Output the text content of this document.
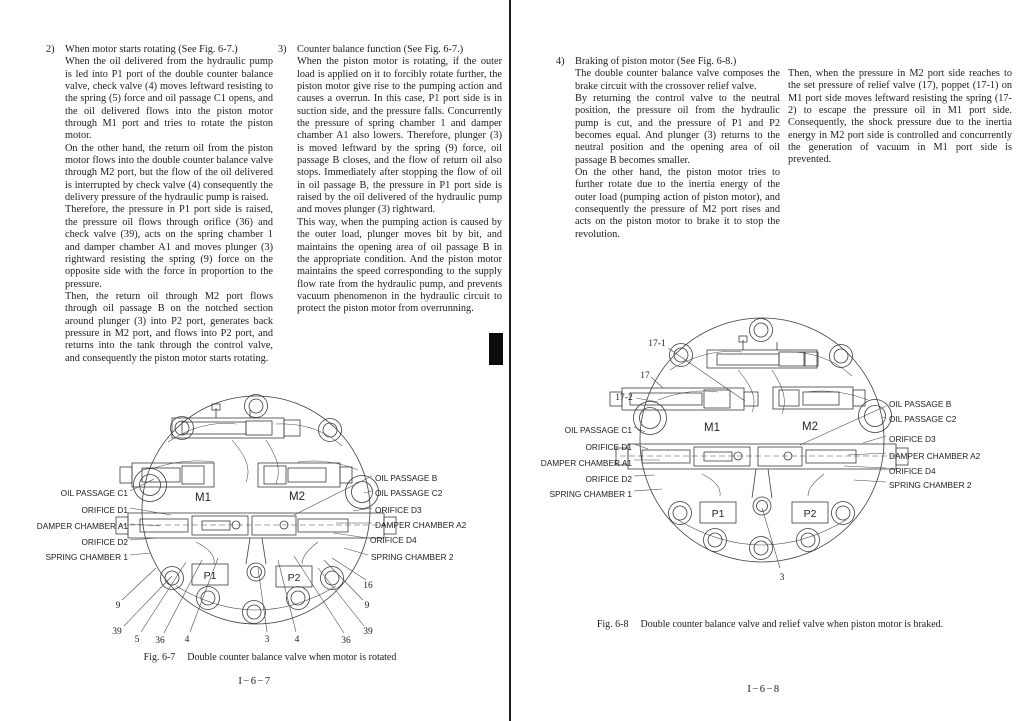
2)	When motor starts rotating (See Fig. 6-7.)

When the oil delivered from the hydraulic pump is led into P1 port of the double counter balance valve, check valve (4) moves leftward resisting to the spring (5) force and oil passage C1 opens, and the oil delivered flows into the piston motor through M1 port and tries to rotate the piston motor.

On the other hand, the return oil from the piston motor flows into the double counter balance valve through M2 port, but the flow of the oil delivered is interrupted by check valve (4) consequently the delivery pressure of the hydraulic pump is raised.

Therefore, the pressure in P1 port side is raised, the pressure oil flows through orifice (36) and check valve (39), acts on the spring chamber 1 and damper chamber A1 and moves plunger (3) rightward resisting the spring (9) force on the opposite side with the force in proportion to the pressure.

Then, the return oil through M2 port flows through oil passage B on the notched section around plunger (3) into P2 port, generates back pressure in M2 port, and flows into P2 port, and returns into the tank through the control valve, and consequently the piston motor starts rotating.

3)	Counter balance function (See Fig. 6-7.)

When the piston motor is rotating, if the outer load is applied on it to forcibly rotate further, the piston motor give rise to the pumping action and causes a overrun. In this case, P1 port side is in suction side, and the pressure falls. Concurrently the pressure of spring chamber 1 and damper chamber A1 also lowers. Therefore, plunger (3) is moved leftward by the spring (9) force, oil passage B closes, and the flow of return oil also stops. Immediately after stopping the flow of oil in oil passage B, the pressure in P1 port side is raised by the oil delivered of the hydraulic pump and moves plunger (3) rightward.

This way, when the pumping action is caused by the outer load, plunger moves bit by bit, and maintains the opening area of oil passage B in the appropriate condition. And the piston motor maintains the speed corresponding to the supply flow rate from the hydraulic pump, and prevents vacuum phenomenon in the hydraulic circuit to protect the piston motor from overrunning.

OIL PASSAGE C1
ORIFICE D1
DAMPER CHAMBER A1
ORIFICE D2
SPRING CHAMBER 1
OIL PASSAGE B
OIL PASSAGE C2
ORIFICE D3
DAMPER CHAMBER A2
ORIFICE D4
SPRING CHAMBER 2
M1	M2
P1	P2
16
9
39
5 36 4	3	4	36
39
9
Fig. 6-7 Double counter balance valve when motor is rotated
I−6−7
4)	Braking of piston motor (See Fig. 6-8.)

The double counter balance valve composes the brake circuit with the crossover relief valve.

By returning the control valve to the neutral position, the pressure oil from the hydraulic pump is cut, and the pressure of P1 and P2 becomes equal. And plunger (3) returns to the neutral position and the opening area of oil passage B becomes smaller.

On the other hand, the piston motor tries to further rotate due to the inertia energy of the outer load (pumping action of piston motor), and consequently the pressure of M2 port rises and acts on the piston motor to brake it to stop the revolution.

Then, when the pressure in M2 port side reaches to the set pressure of relief valve (17), poppet (17-1) on M1 port side moves leftward resisting the spring (17-2) to escape the pressure oil in M1 port side. Consequently, the shock pressure due to the inertia energy in M2 port side is controlled and concurrently the generation of vacuum in M1 port side is prevented.

17-1
17
17-2
OIL PASSAGE C1
ORIFICE D1
DAMPER CHAMBER A1
ORIFICE D2
SPRING CHAMBER 1
OIL PASSAGE B
OIL PASSAGE C2
ORIFICE D3
DAMPER CHAMBER A2
ORIFICE D4
SPRING CHAMBER 2
M1	M2
P1	P2
3
Fig. 6-8 Double counter balance valve and relief valve when piston motor is braked.
I−6−8
